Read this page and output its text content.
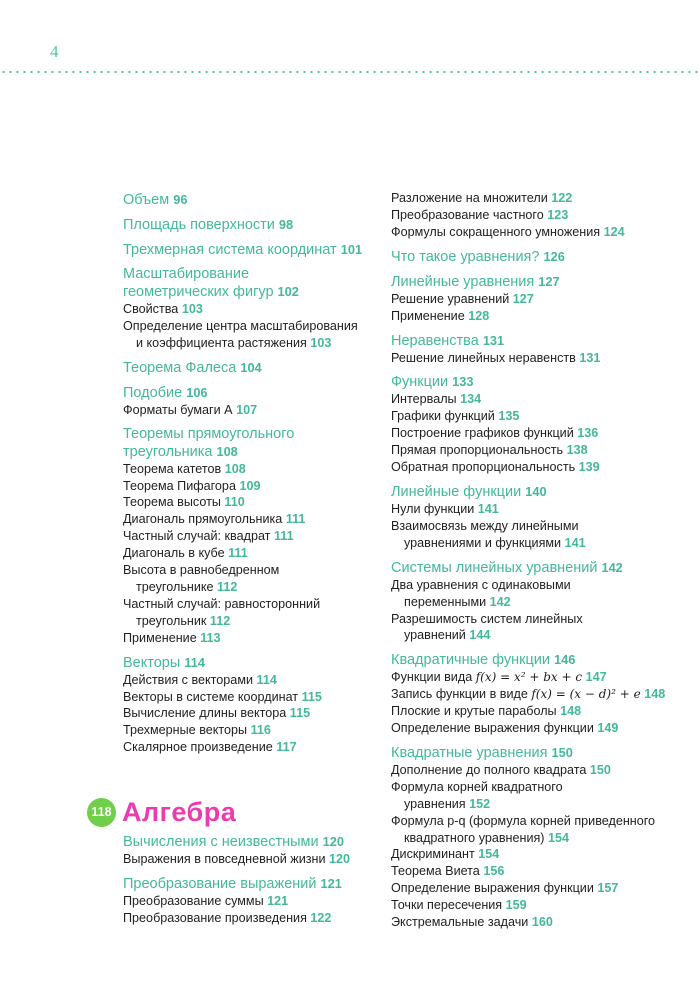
4
Объем 96
Площадь поверхности 98
Трехмерная система координат 101
Масштабирование
геометрических фигур 102
Свойства 103
Определение центра масштабирования
и коэффициента растяжения 103
Теорема Фалеса 104
Подобие 106
Форматы бумаги А 107
Теоремы прямоугольного
треугольника 108
Теорема катетов 108
Теорема Пифагора 109
Теорема высоты 110
Диагональ прямоугольника 111
Частный случай: квадрат 111
Диагональ в кубе 111
Высота в равнобедренном
треугольнике 112
Частный случай: равносторонний
треугольник 112
Применение 113
Векторы 114
Действия с векторами 114
Векторы в системе координат 115
Вычисление длины вектора 115
Трехмерные векторы 116
Скалярное произведение 117
118 Алгебра
Вычисления с неизвестными 120
Выражения в повседневной жизни 120
Преобразование выражений 121
Преобразование суммы 121
Преобразование произведения 122
Разложение на множители 122
Преобразование частного 123
Формулы сокращенного умножения 124
Что такое уравнения? 126
Линейные уравнения 127
Решение уравнений 127
Применение 128
Неравенства 131
Решение линейных неравенств 131
Функции 133
Интервалы 134
Графики функций 135
Построение графиков функций 136
Прямая пропорциональность 138
Обратная пропорциональность 139
Линейные функции 140
Нули функции 141
Взаимосвязь между линейными
уравнениями и функциями 141
Системы линейных уравнений 142
Два уравнения с одинаковыми
переменными 142
Разрешимость систем линейных
уравнений 144
Квадратичные функции 146
Функции вида f(x) = x² + bx + c 147
Запись функции в виде f(x) = (x − d)² + e 148
Плоские и крутые параболы 148
Определение выражения функции 149
Квадратные уравнения 150
Дополнение до полного квадрата 150
Формула корней квадратного
уравнения 152
Формула p-q (формула корней приведенного
квадратного уравнения) 154
Дискриминант 154
Теорема Виета 156
Определение выражения функции 157
Точки пересечения 159
Экстремальные задачи 160
